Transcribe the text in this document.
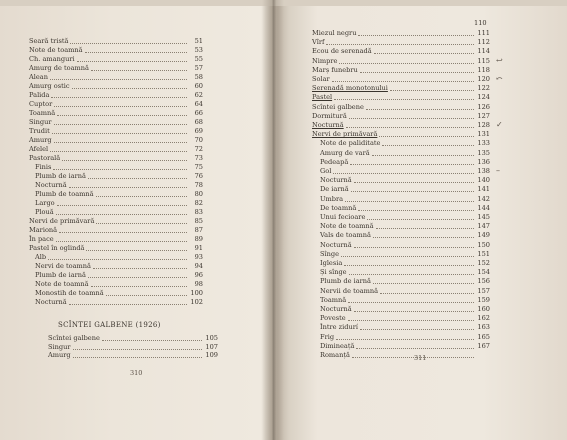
Seară tristă	51
Note de toamnă	53
Ch. amanguri	55
Amurg de toamnă	57
Alean	58
Amurg ostic	60
Palida	62
Cuptor	64
Toamnă	66
Singur	68
Trudit	69
Amurg	70
Afelel	72
Pastorală	73
Finis	75
Plumb de iarnă	76
Nocturnă	78
Plumb de toamnă	80
Largo	82
Plouă	83
Nervi de primăvară	85
Marionă	87
În pace	89
Pastel în oglindă	91
Alb	93
Nervi de toamnă	94
Plumb de iarnă	96
Note de toamnă	98
Monostih de toamnă	100
Nocturnă	102
SCÎNTEI GALBENE (1926)
Scîntei galbene	105
Singur	107
Amurg	109
310
110
Miezul negru	111
Vîrf	112
Ecou de serenadă	114
Nimpre	115
Marș funebru	118
Solar	120
Serenadă monotonului	122
Pastel	124
Scîntei galbene	126
Dormitură	127
Nocturnă	128
Nervi de primăvară	131
Note de paliditate	133
Amurg de vară	135
Pedeapă	136
Gol	138
Nocturnă	140
De iarnă	141
Umbra	142
De toamnă	144
Unui fecioare	145
Note de toamnă	147
Vals de toamnă	149
Nocturnă	150
Sînge	151
Iglesia	152
Și sînge	154
Plumb de iarnă	156
Nervii de toamnă	157
Toamnă	159
Nocturnă	160
Poveste	162
Între zidurí	163
Frig	165
Dimineață	167
Romanță	311
↩
⤺
✓
–
